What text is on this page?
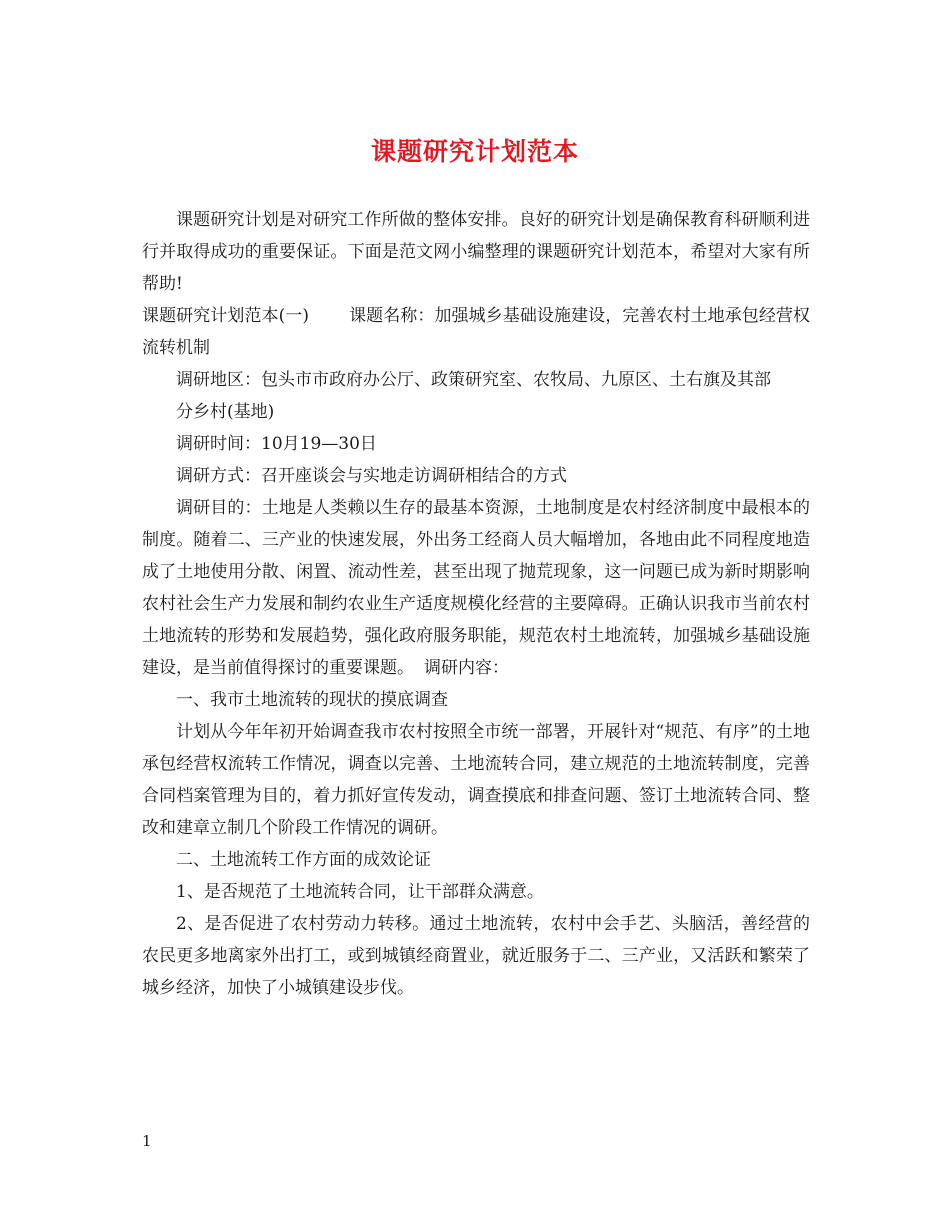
课题研究计划范本

课题研究计划是对研究工作所做的整体安排。良好的研究计划是确保教育科研顺利进行并取得成功的重要保证。下面是范文网小编整理的课题研究计划范本，希望对大家有所帮助!

课题研究计划范本(一) 课题名称：加强城乡基础设施建设，完善农村土地承包经营权流转机制

调研地区：包头市市政府办公厅、政策研究室、农牧局、九原区、土右旗及其部

分乡村(基地)

调研时间：10月19—30日

调研方式：召开座谈会与实地走访调研相结合的方式

调研目的：土地是人类赖以生存的最基本资源，土地制度是农村经济制度中最根本的制度。随着二、三产业的快速发展，外出务工经商人员大幅增加，各地由此不同程度地造成了土地使用分散、闲置、流动性差，甚至出现了抛荒现象，这一问题已成为新时期影响农村社会生产力发展和制约农业生产适度规模化经营的主要障碍。正确认识我市当前农村土地流转的形势和发展趋势，强化政府服务职能，规范农村土地流转，加强城乡基础设施建设，是当前值得探讨的重要课题。 调研内容：

一、我市土地流转的现状的摸底调查

计划从今年年初开始调查我市农村按照全市统一部署，开展针对“规范、有序”的土地承包经营权流转工作情况，调查以完善、土地流转合同，建立规范的土地流转制度，完善合同档案管理为目的，着力抓好宣传发动，调查摸底和排查问题、签订土地流转合同、整改和建章立制几个阶段工作情况的调研。

二、土地流转工作方面的成效论证

1、是否规范了土地流转合同，让干部群众满意。

2、是否促进了农村劳动力转移。通过土地流转，农村中会手艺、头脑活，善经营的农民更多地离家外出打工，或到城镇经商置业，就近服务于二、三产业，又活跃和繁荣了城乡经济，加快了小城镇建设步伐。

1
